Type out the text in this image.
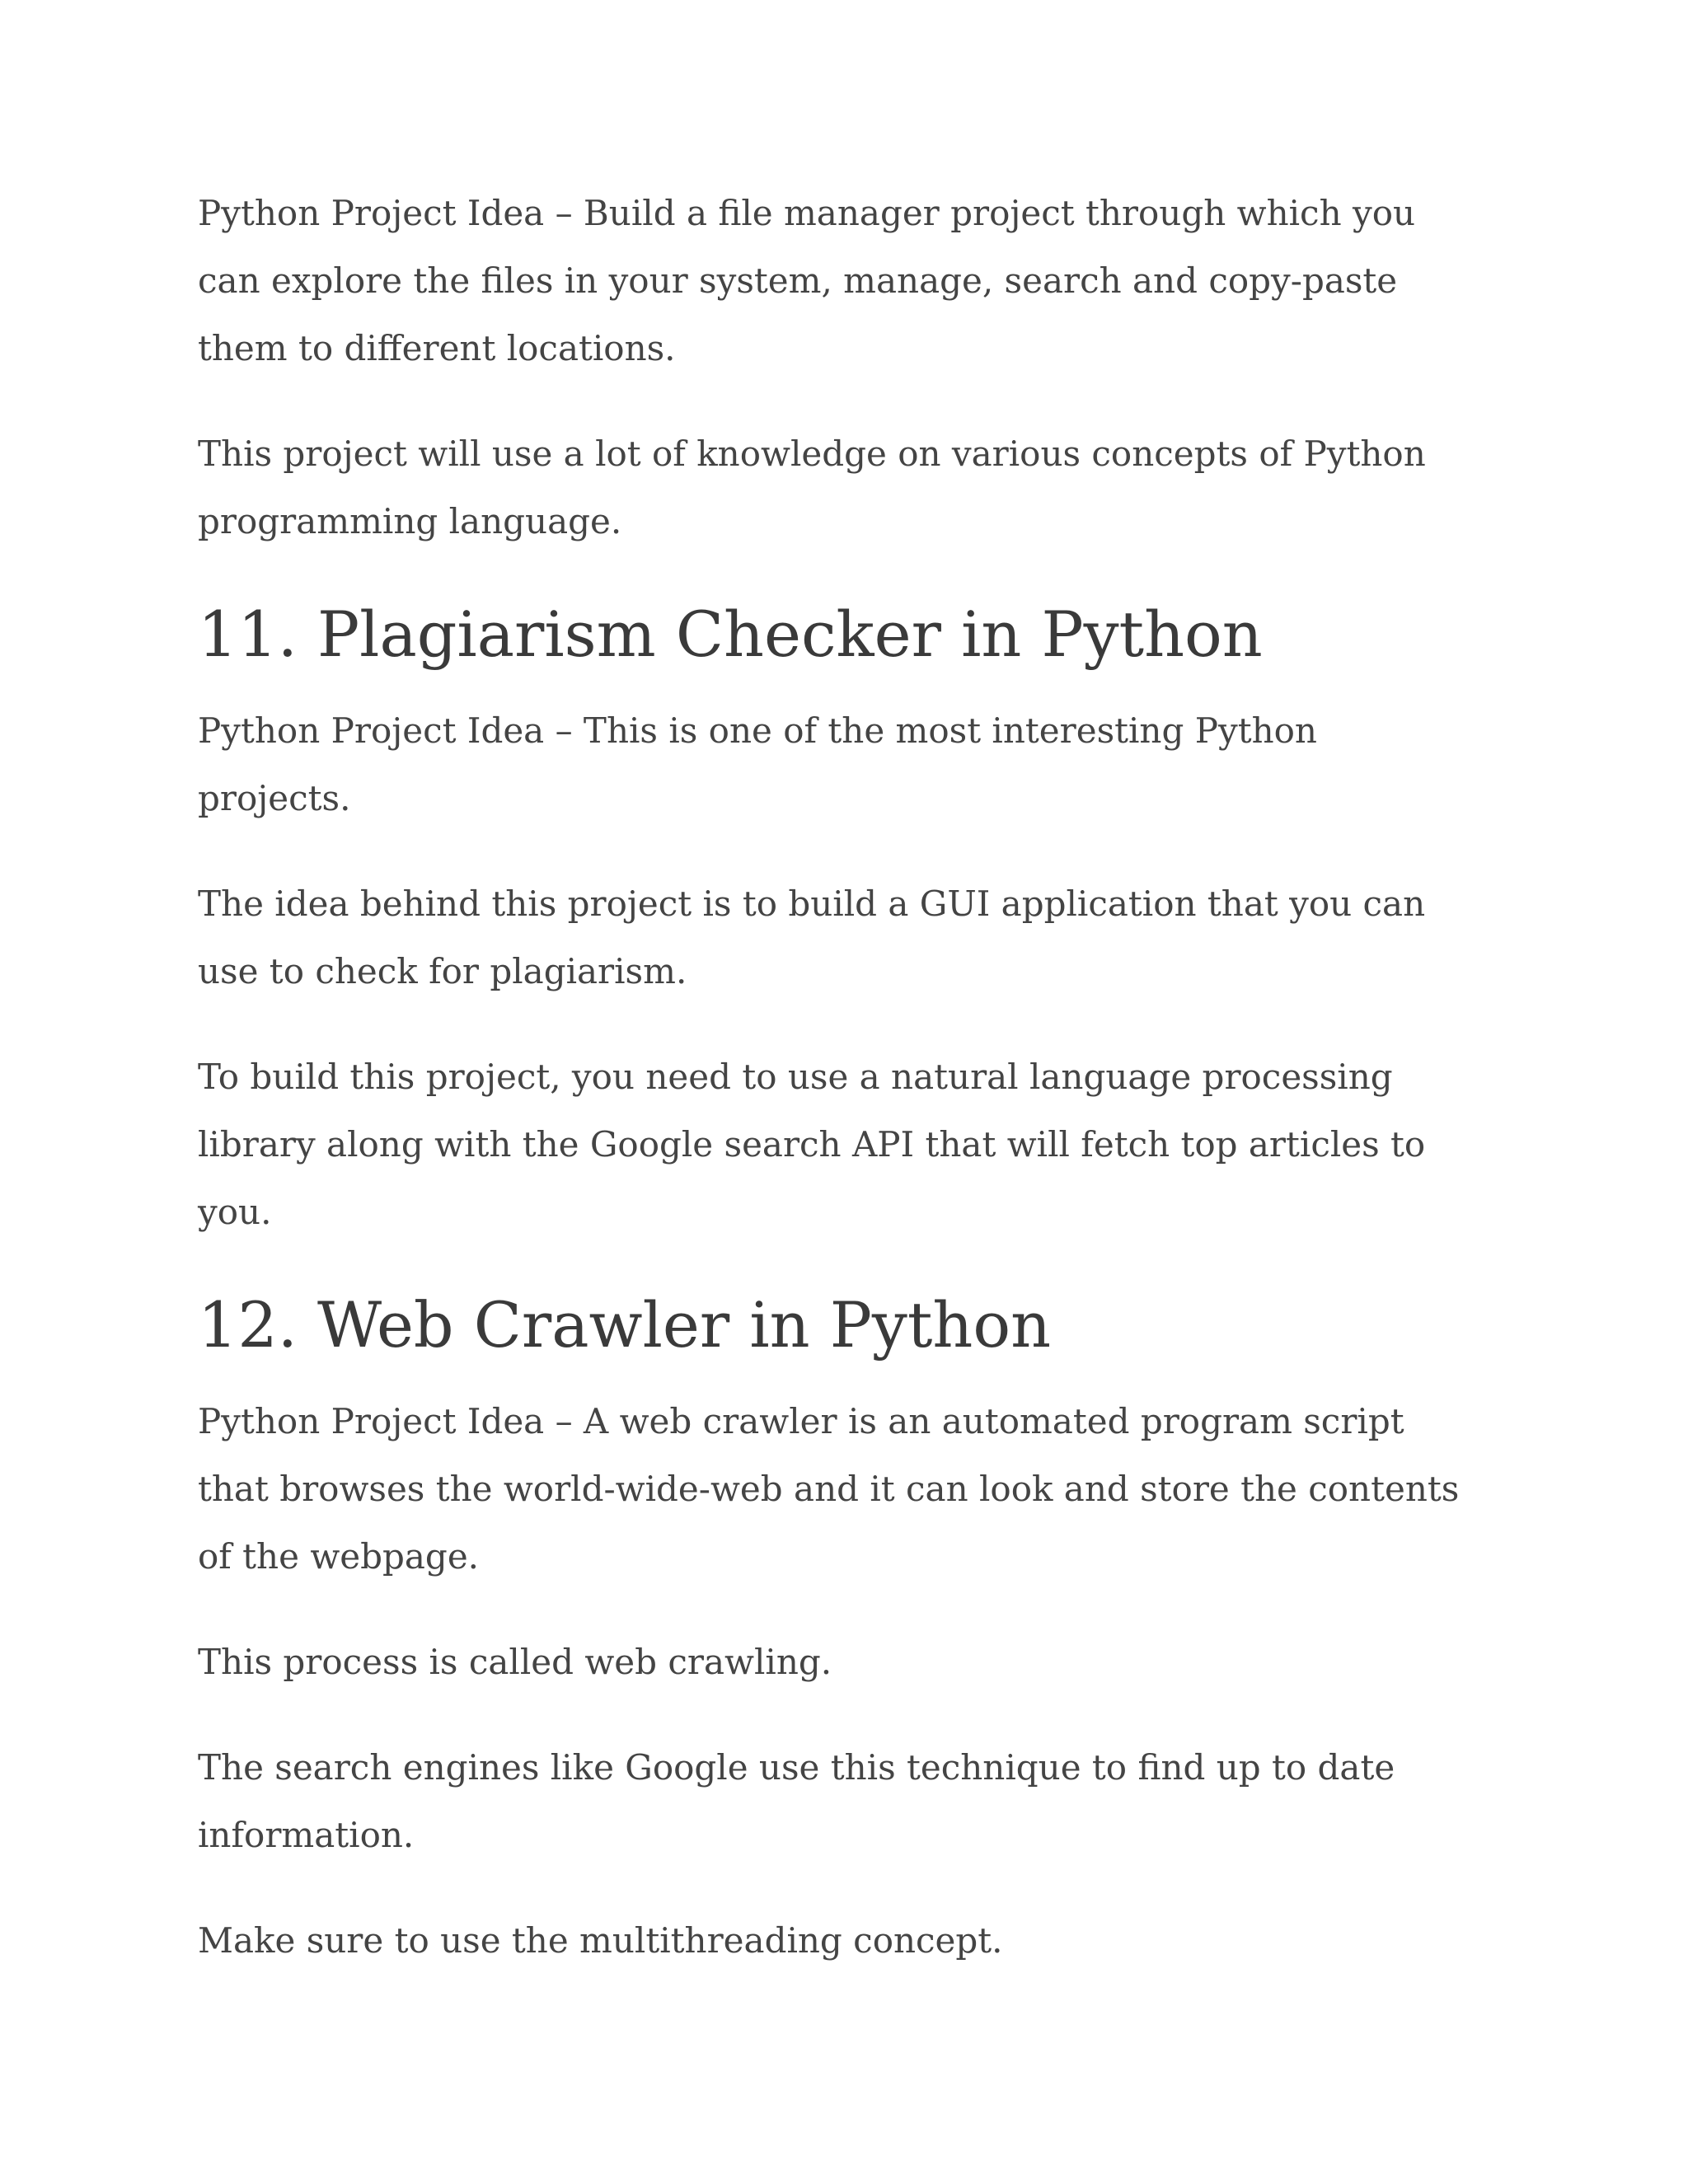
Python Project Idea – Build a file manager project through which you can explore the files in your system, manage, search and copy-paste them to different locations.

This project will use a lot of knowledge on various concepts of Python programming language.

11. Plagiarism Checker in Python

Python Project Idea – This is one of the most interesting Python projects.

The idea behind this project is to build a GUI application that you can use to check for plagiarism.

To build this project, you need to use a natural language processing library along with the Google search API that will fetch top articles to you.

12. Web Crawler in Python

Python Project Idea – A web crawler is an automated program script that browses the world-wide-web and it can look and store the contents of the webpage.

This process is called web crawling.

The search engines like Google use this technique to find up to date information.

Make sure to use the multithreading concept.
